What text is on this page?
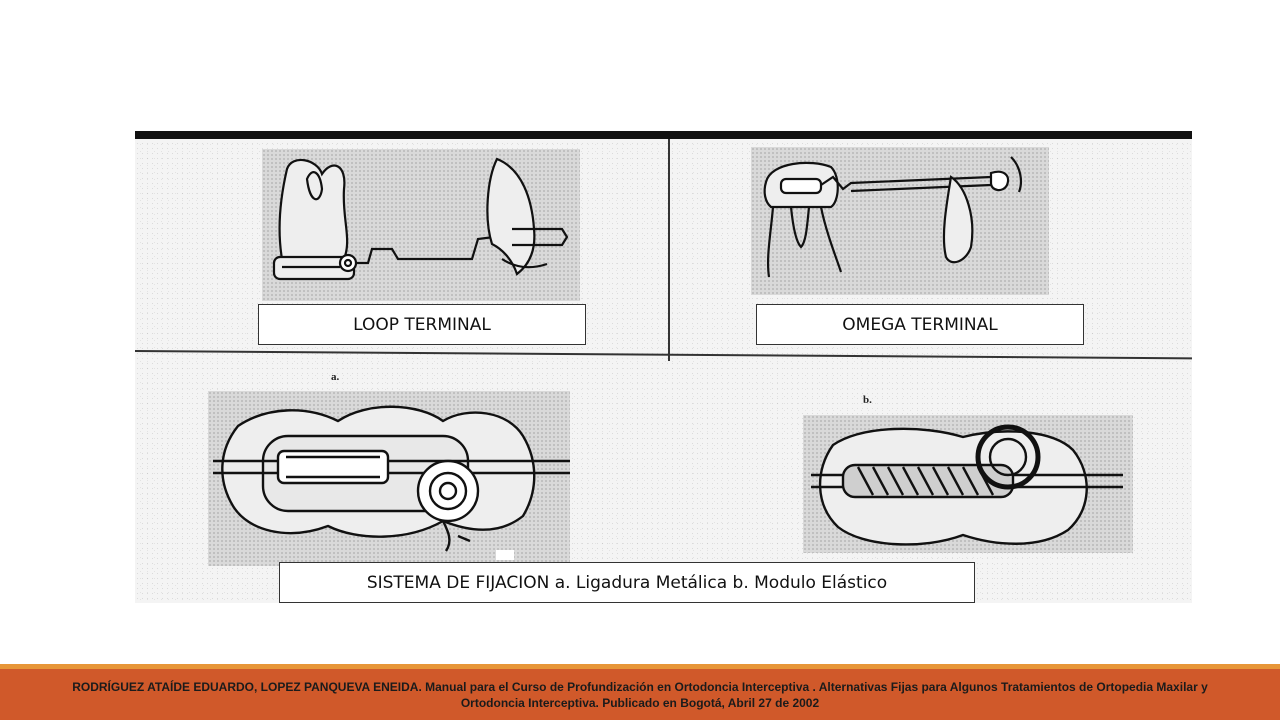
a.
b.
LOOP TERMINAL	OMEGA TERMINAL
SISTEMA DE FIJACION a. Ligadura Metálica b. Modulo Elástico

RODRÍGUEZ ATAÍDE EDUARDO, LOPEZ PANQUEVA ENEIDA. Manual para el Curso de Profundización en Ortodoncia Interceptiva . Alternativas Fijas para Algunos Tratamientos de Ortopedia Maxilar y Ortodoncia Interceptiva. Publicado en Bogotá, Abril 27 de 2002
